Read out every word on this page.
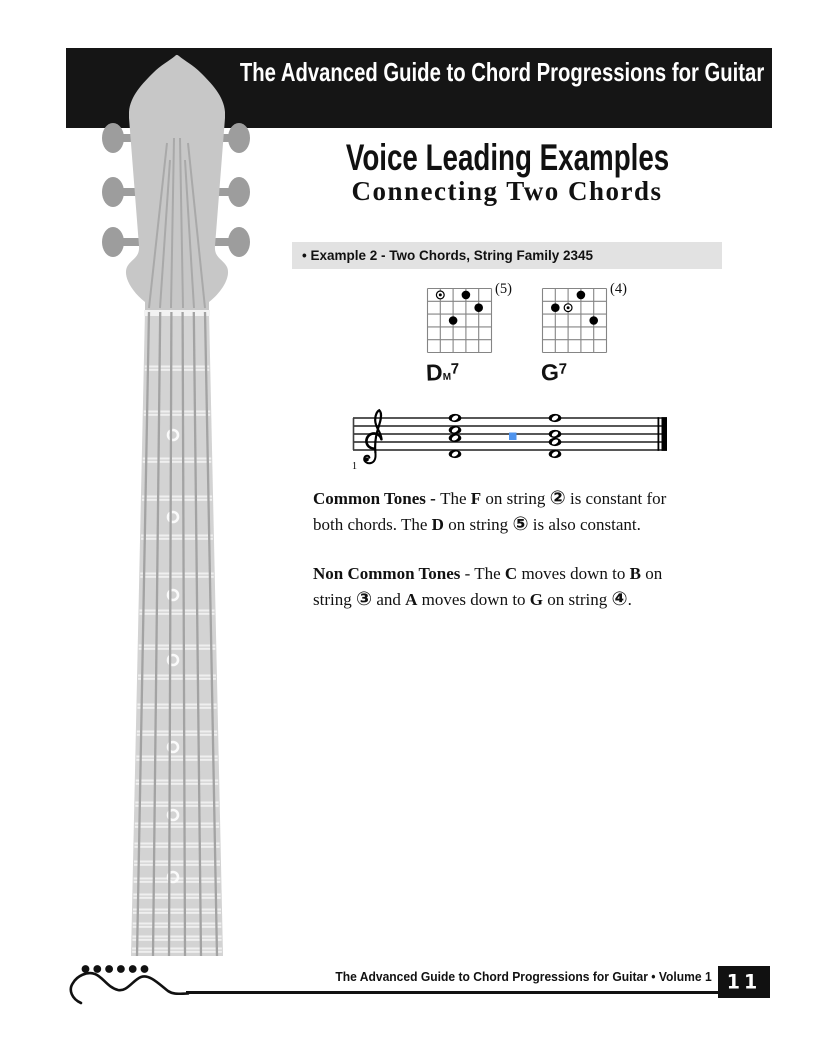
The Advanced Guide to Chord Progressions for Guitar
Voice Leading Examples
Connecting Two Chords
• Example 2 - Two Chords, String Family 2345
(5)
Dm7
(4)
G7
1

Common Tones - The F on string ② is constant for
both chords. The D on string ⑤ is also constant.

Non Common Tones - The C moves down to B on
string ③ and A moves down to G on string ④.

The Advanced Guide to Chord Progressions for Guitar • Volume 1 11
